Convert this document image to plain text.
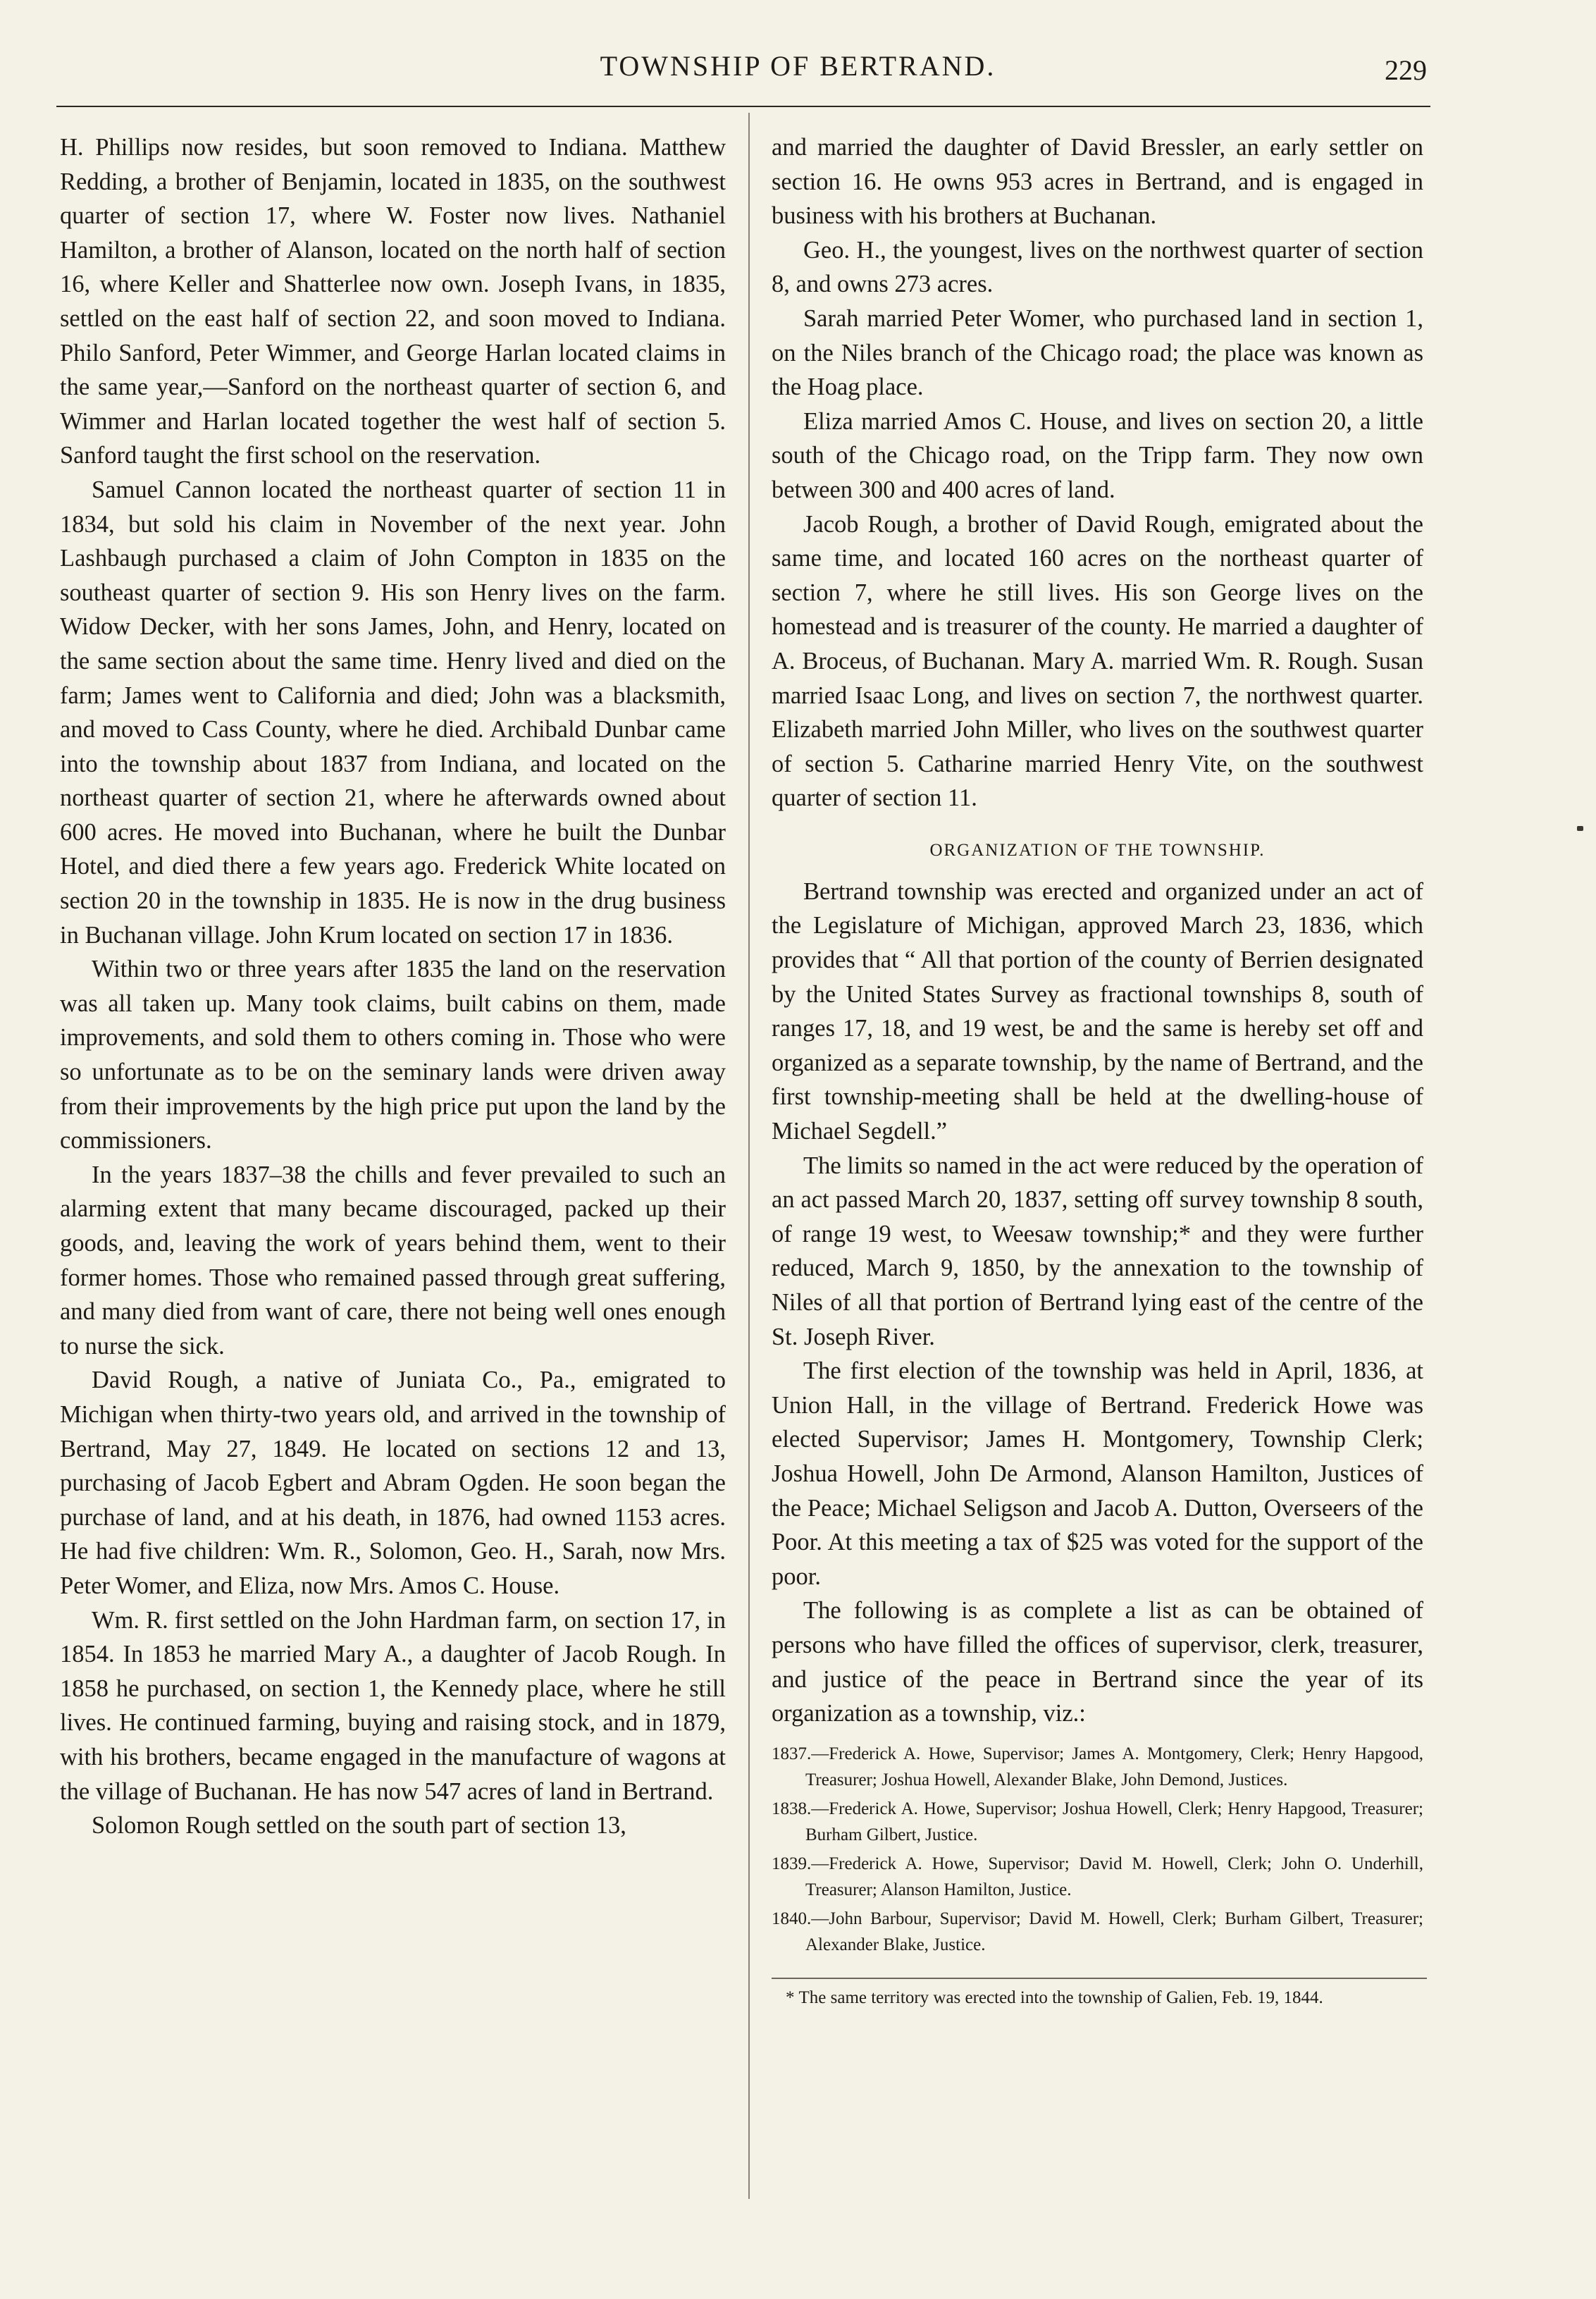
TOWNSHIP OF BERTRAND.	229

H. Phillips now resides, but soon removed to Indiana. Matthew Redding, a brother of Benjamin, located in 1835, on the southwest quarter of section 17, where W. Foster now lives. Nathaniel Hamilton, a brother of Alanson, located on the north half of section 16, where Keller and Shatterlee now own. Joseph Ivans, in 1835, settled on the east half of section 22, and soon moved to Indiana. Philo Sanford, Peter Wimmer, and George Harlan located claims in the same year,—Sanford on the northeast quarter of section 6, and Wimmer and Harlan located together the west half of section 5. Sanford taught the first school on the reservation.

Samuel Cannon located the northeast quarter of section 11 in 1834, but sold his claim in November of the next year. John Lashbaugh purchased a claim of John Compton in 1835 on the southeast quarter of section 9. His son Henry lives on the farm. Widow Decker, with her sons James, John, and Henry, located on the same section about the same time. Henry lived and died on the farm; James went to California and died; John was a blacksmith, and moved to Cass County, where he died. Archibald Dunbar came into the township about 1837 from Indiana, and located on the northeast quarter of section 21, where he afterwards owned about 600 acres. He moved into Buchanan, where he built the Dunbar Hotel, and died there a few years ago. Frederick White located on section 20 in the township in 1835. He is now in the drug business in Buchanan village. John Krum located on section 17 in 1836.

Within two or three years after 1835 the land on the reservation was all taken up. Many took claims, built cabins on them, made improvements, and sold them to others coming in. Those who were so unfortunate as to be on the seminary lands were driven away from their improvements by the high price put upon the land by the commissioners.

In the years 1837–38 the chills and fever prevailed to such an alarming extent that many became discouraged, packed up their goods, and, leaving the work of years behind them, went to their former homes. Those who remained passed through great suffering, and many died from want of care, there not being well ones enough to nurse the sick.

David Rough, a native of Juniata Co., Pa., emigrated to Michigan when thirty-two years old, and arrived in the township of Bertrand, May 27, 1849. He located on sections 12 and 13, purchasing of Jacob Egbert and Abram Ogden. He soon began the purchase of land, and at his death, in 1876, had owned 1153 acres. He had five children: Wm. R., Solomon, Geo. H., Sarah, now Mrs. Peter Womer, and Eliza, now Mrs. Amos C. House.

Wm. R. first settled on the John Hardman farm, on section 17, in 1854. In 1853 he married Mary A., a daughter of Jacob Rough. In 1858 he purchased, on section 1, the Kennedy place, where he still lives. He continued farming, buying and raising stock, and in 1879, with his brothers, became engaged in the manufacture of wagons at the village of Buchanan. He has now 547 acres of land in Bertrand.

Solomon Rough settled on the south part of section 13,

and married the daughter of David Bressler, an early settler on section 16. He owns 953 acres in Bertrand, and is engaged in business with his brothers at Buchanan.

Geo. H., the youngest, lives on the northwest quarter of section 8, and owns 273 acres.

Sarah married Peter Womer, who purchased land in section 1, on the Niles branch of the Chicago road; the place was known as the Hoag place.

Eliza married Amos C. House, and lives on section 20, a little south of the Chicago road, on the Tripp farm. They now own between 300 and 400 acres of land.

Jacob Rough, a brother of David Rough, emigrated about the same time, and located 160 acres on the northeast quarter of section 7, where he still lives. His son George lives on the homestead and is treasurer of the county. He married a daughter of A. Broceus, of Buchanan. Mary A. married Wm. R. Rough. Susan married Isaac Long, and lives on section 7, the northwest quarter. Elizabeth married John Miller, who lives on the southwest quarter of section 5. Catharine married Henry Vite, on the southwest quarter of section 11.

ORGANIZATION OF THE TOWNSHIP.

Bertrand township was erected and organized under an act of the Legislature of Michigan, approved March 23, 1836, which provides that “ All that portion of the county of Berrien designated by the United States Survey as fractional townships 8, south of ranges 17, 18, and 19 west, be and the same is hereby set off and organized as a separate township, by the name of Bertrand, and the first township-meeting shall be held at the dwelling-house of Michael Segdell.”

The limits so named in the act were reduced by the operation of an act passed March 20, 1837, setting off survey township 8 south, of range 19 west, to Weesaw township;* and they were further reduced, March 9, 1850, by the annexation to the township of Niles of all that portion of Bertrand lying east of the centre of the St. Joseph River.

The first election of the township was held in April, 1836, at Union Hall, in the village of Bertrand. Frederick Howe was elected Supervisor; James H. Montgomery, Township Clerk; Joshua Howell, John De Armond, Alanson Hamilton, Justices of the Peace; Michael Seligson and Jacob A. Dutton, Overseers of the Poor. At this meeting a tax of $25 was voted for the support of the poor.

The following is as complete a list as can be obtained of persons who have filled the offices of supervisor, clerk, treasurer, and justice of the peace in Bertrand since the year of its organization as a township, viz.:

1837.—Frederick A. Howe, Supervisor; James A. Montgomery, Clerk; Henry Hapgood, Treasurer; Joshua Howell, Alexander Blake, John Demond, Justices.
1838.—Frederick A. Howe, Supervisor; Joshua Howell, Clerk; Henry Hapgood, Treasurer; Burham Gilbert, Justice.
1839.—Frederick A. Howe, Supervisor; David M. Howell, Clerk; John O. Underhill, Treasurer; Alanson Hamilton, Justice.
1840.—John Barbour, Supervisor; David M. Howell, Clerk; Burham Gilbert, Treasurer; Alexander Blake, Justice.
* The same territory was erected into the township of Galien, Feb. 19, 1844.
